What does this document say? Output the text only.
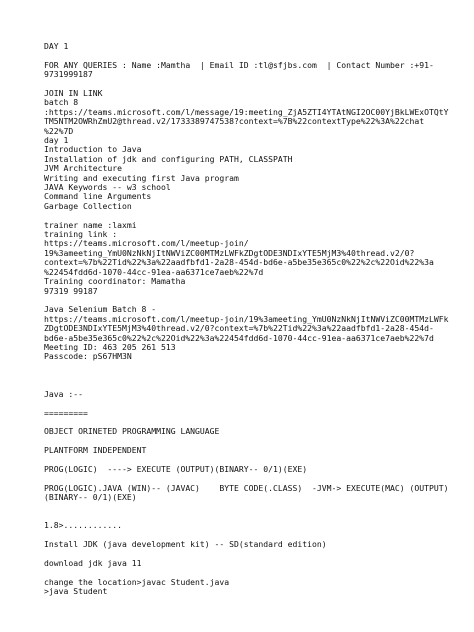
DAY 1
FOR ANY QUERIES : Name :Mamtha  | Email ID :tl@sfjbs.com  | Contact Number :+91-
9731999187
JOIN IN LINK
batch 8
:https://teams.microsoft.com/l/message/19:meeting_ZjA5ZTI4YTAtNGI2OC00YjBkLWExOTQtY
TM5NTM2OWRhZmU2@thread.v2/1733389747538?context=%7B%22contextType%22%3A%22chat
%22%7D
day 1
Introduction to Java
Installation of jdk and configuring PATH, CLASSPATH
JVM Architecture
Writing and executing first Java program
JAVA Keywords -- w3 school
Command line Arguments
Garbage Collection
trainer name :laxmi
training link :
https://teams.microsoft.com/l/meetup-join/
19%3ameeting_YmU0NzNkNjItNWViZC00MTMzLWFkZDgtODE3NDIxYTE5MjM3%40thread.v2/0?
context=%7b%22Tid%22%3a%22aadfbfd1-2a28-454d-bd6e-a5be35e365c0%22%2c%22Oid%22%3a
%22454fdd6d-1070-44cc-91ea-aa6371ce7aeb%22%7d
Training coordinator: Mamatha
97319 99187
Java Selenium Batch 8 -
https://teams.microsoft.com/l/meetup-join/19%3ameeting_YmU0NzNkNjItNWViZC00MTMzLWFk
ZDgtODE3NDIxYTE5MjM3%40thread.v2/0?context=%7b%22Tid%22%3a%22aadfbfd1-2a28-454d-
bd6e-a5be35e365c0%22%2c%22Oid%22%3a%22454fdd6d-1070-44cc-91ea-aa6371ce7aeb%22%7d
Meeting ID: 463 205 261 513
Passcode: pS67HM3N
Java :--
=========
OBJECT ORINETED PROGRAMMING LANGUAGE
PLANTFORM INDEPENDENT
PROG(LOGIC)  ----> EXECUTE (OUTPUT)(BINARY-- 0/1)(EXE)
PROG(LOGIC).JAVA (WIN)-- (JAVAC)    BYTE CODE(.CLASS)  -JVM-> EXECUTE(MAC) (OUTPUT)
(BINARY-- 0/1)(EXE)
1.8>............
Install JDK (java development kit) -- SD(standard edition)
download jdk java 11
change the location>javac Student.java
>java Student
